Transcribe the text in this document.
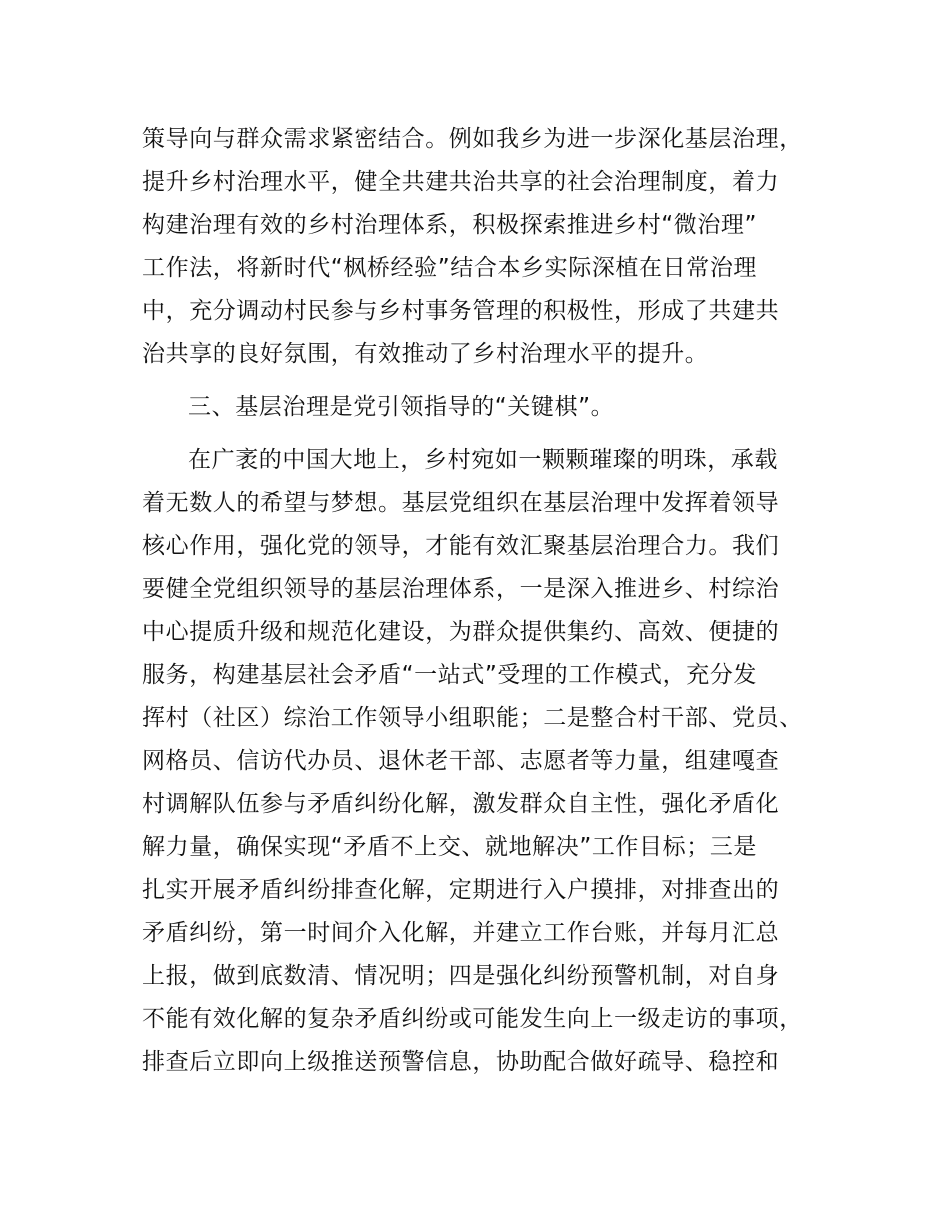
策导向与群众需求紧密结合。例如我乡为进一步深化基层治理，
提升乡村治理水平，健全共建共治共享的社会治理制度，着力
构建治理有效的乡村治理体系，积极探索推进乡村“微治理”
工作法，将新时代“枫桥经验”结合本乡实际深植在日常治理
中，充分调动村民参与乡村事务管理的积极性，形成了共建共
治共享的良好氛围，有效推动了乡村治理水平的提升。
三、基层治理是党引领指导的“关键棋”。
在广袤的中国大地上，乡村宛如一颗颗璀璨的明珠，承载
着无数人的希望与梦想。基层党组织在基层治理中发挥着领导
核心作用，强化党的领导，才能有效汇聚基层治理合力。我们
要健全党组织领导的基层治理体系，一是深入推进乡、村综治
中心提质升级和规范化建设，为群众提供集约、高效、便捷的
服务，构建基层社会矛盾“一站式”受理的工作模式，充分发
挥村（社区）综治工作领导小组职能；二是整合村干部、党员、
网格员、信访代办员、退休老干部、志愿者等力量，组建嘎查
村调解队伍参与矛盾纠纷化解，激发群众自主性，强化矛盾化
解力量，确保实现“矛盾不上交、就地解决”工作目标；三是
扎实开展矛盾纠纷排查化解，定期进行入户摸排，对排查出的
矛盾纠纷，第一时间介入化解，并建立工作台账，并每月汇总
上报，做到底数清、情况明；四是强化纠纷预警机制，对自身
不能有效化解的复杂矛盾纠纷或可能发生向上一级走访的事项，
排查后立即向上级推送预警信息，协助配合做好疏导、稳控和
